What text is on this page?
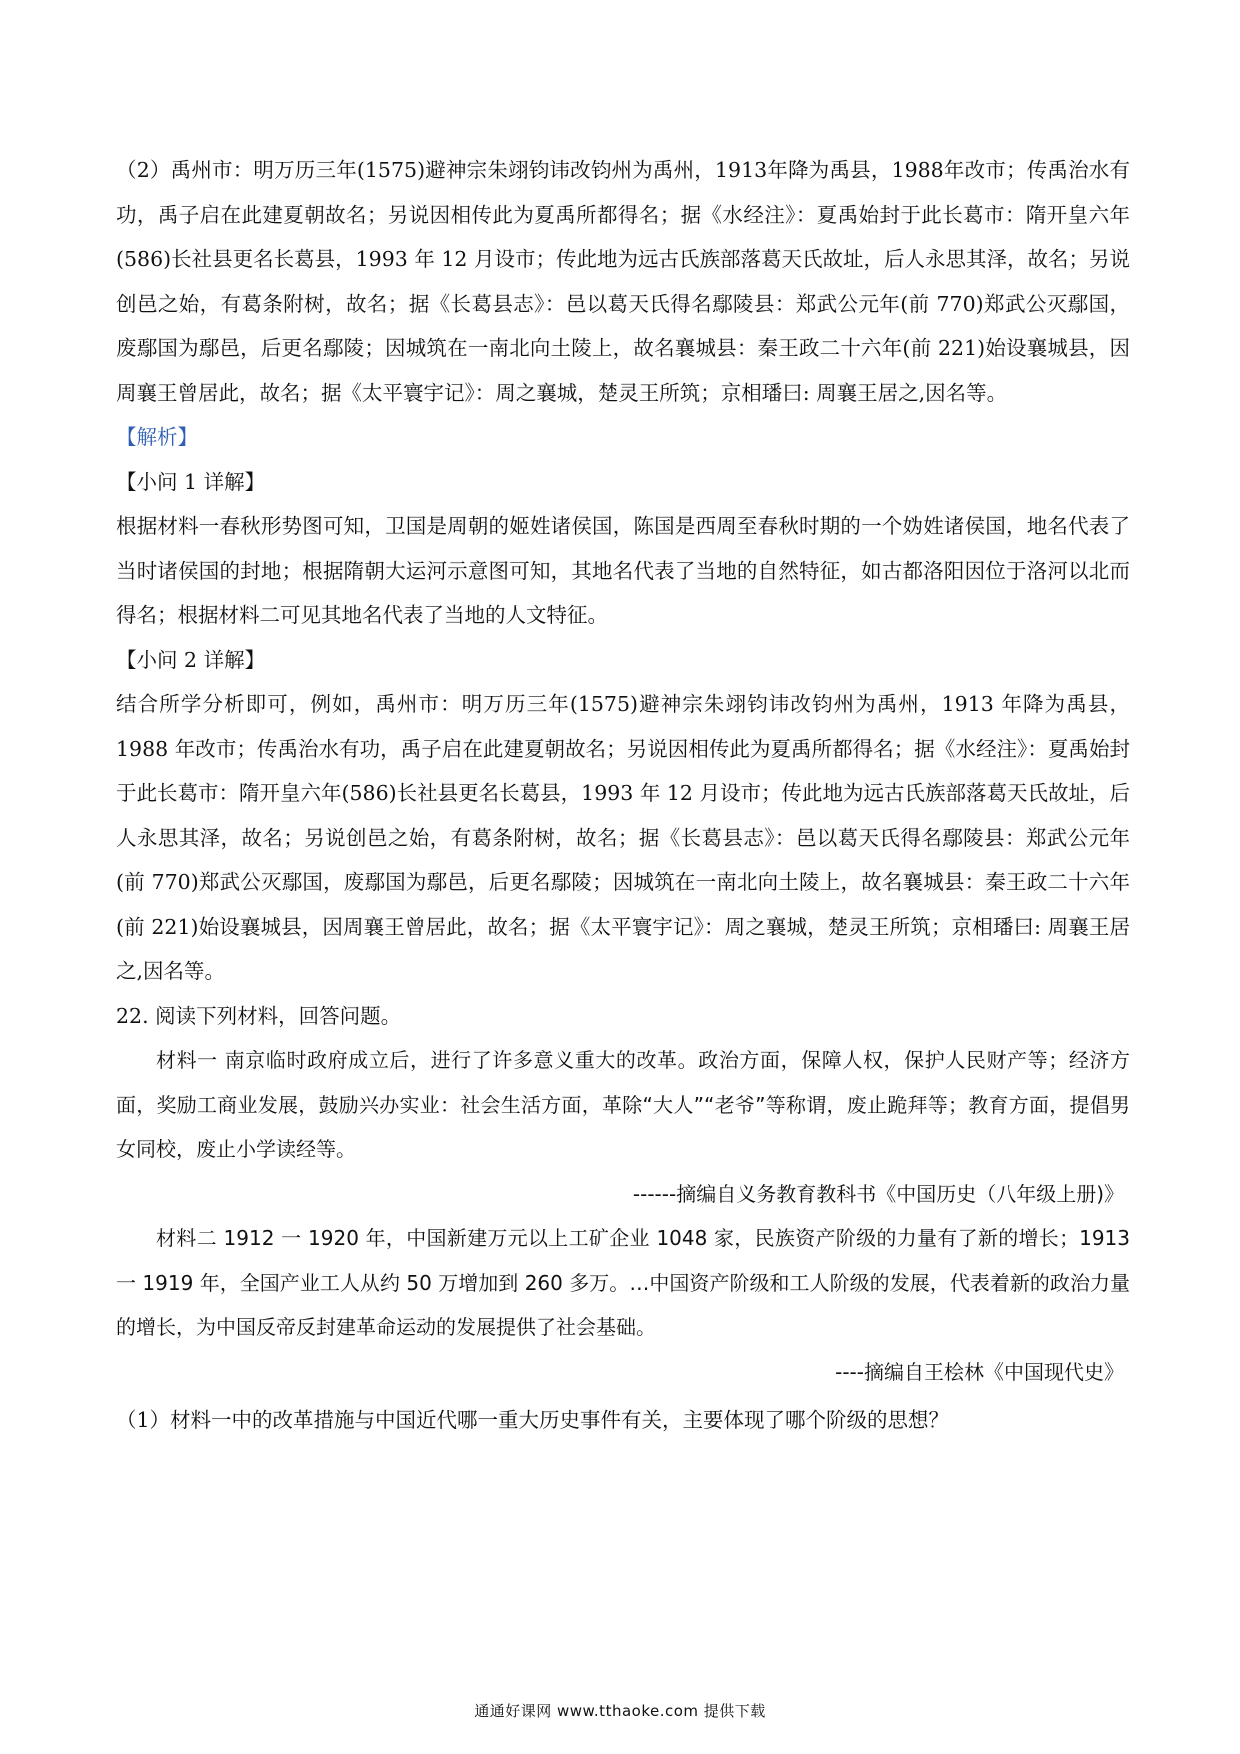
（2）禹州市：明万历三年(1575)避神宗朱翊钧讳改钧州为禹州，1913年降为禹县，1988年改市；传禹治水有功，禹子启在此建夏朝故名；另说因相传此为夏禹所都得名；据《水经注》：夏禹始封于此长葛市：隋开皇六年(586)长社县更名长葛县，1993 年 12 月设市；传此地为远古氏族部落葛天氏故址，后人永思其泽，故名；另说创邑之始，有葛条附树，故名；据《长葛县志》：邑以葛天氏得名鄢陵县：郑武公元年(前 770)郑武公灭鄢国，废鄢国为鄢邑，后更名鄢陵；因城筑在一南北向土陵上，故名襄城县：秦王政二十六年(前 221)始设襄城县，因周襄王曾居此，故名；据《太平寰宇记》：周之襄城，楚灵王所筑；京相璠曰: 周襄王居之,因名等。

【解析】

【小问 1 详解】

根据材料一春秋形势图可知，卫国是周朝的姬姓诸侯国，陈国是西周至春秋时期的一个妫姓诸侯国，地名代表了当时诸侯国的封地；根据隋朝大运河示意图可知，其地名代表了当地的自然特征，如古都洛阳因位于洛河以北而得名；根据材料二可见其地名代表了当地的人文特征。

【小问 2 详解】

结合所学分析即可，例如，禹州市：明万历三年(1575)避神宗朱翊钧讳改钧州为禹州，1913 年降为禹县，1988 年改市；传禹治水有功，禹子启在此建夏朝故名；另说因相传此为夏禹所都得名；据《水经注》：夏禹始封于此长葛市：隋开皇六年(586)长社县更名长葛县，1993 年 12 月设市；传此地为远古氏族部落葛天氏故址，后人永思其泽，故名；另说创邑之始，有葛条附树，故名；据《长葛县志》：邑以葛天氏得名鄢陵县：郑武公元年(前 770)郑武公灭鄢国，废鄢国为鄢邑，后更名鄢陵；因城筑在一南北向土陵上，故名襄城县：秦王政二十六年(前 221)始设襄城县，因周襄王曾居此，故名；据《太平寰宇记》：周之襄城，楚灵王所筑；京相璠曰: 周襄王居之,因名等。

22. 阅读下列材料，回答问题。

材料一 南京临时政府成立后，进行了许多意义重大的改革。政治方面，保障人权，保护人民财产等；经济方面，奖励工商业发展，鼓励兴办实业：社会生活方面，革除“大人”“老爷”等称谓，废止跪拜等；教育方面，提倡男女同校，废止小学读经等。

------摘编自义务教育教科书《中国历史（八年级上册)》

材料二 1912 一 1920 年，中国新建万元以上工矿企业 1048 家，民族资产阶级的力量有了新的增长；1913 一 1919 年，全国产业工人从约 50 万增加到 260 多万。…中国资产阶级和工人阶级的发展，代表着新的政治力量的增长，为中国反帝反封建革命运动的发展提供了社会基础。

----摘编自王桧林《中国现代史》

（1）材料一中的改革措施与中国近代哪一重大历史事件有关，主要体现了哪个阶级的思想？

通通好课网 www.tthaoke.com 提供下载
